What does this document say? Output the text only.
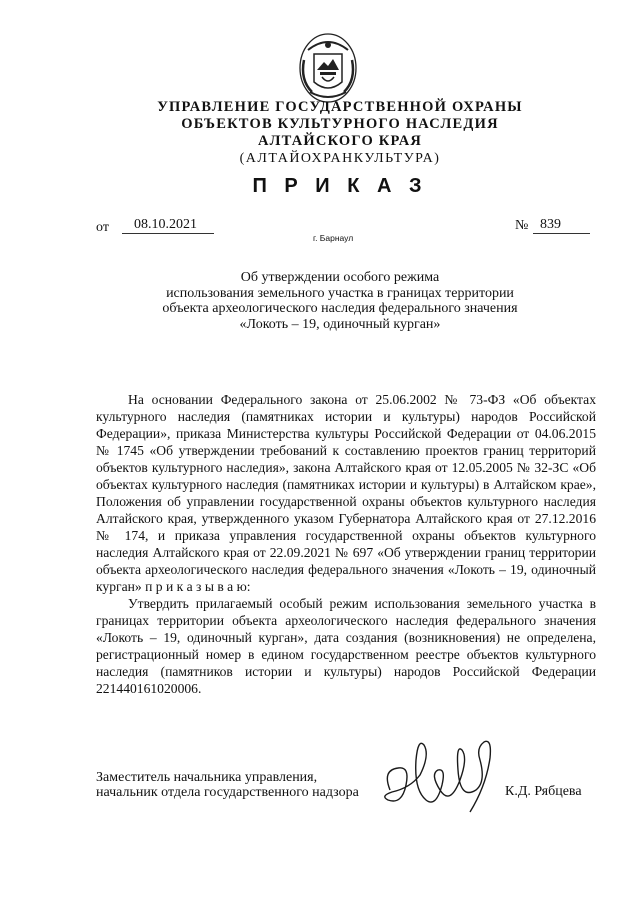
УПРАВЛЕНИЕ ГОСУДАРСТВЕННОЙ ОХРАНЫ
ОБЪЕКТОВ КУЛЬТУРНОГО НАСЛЕДИЯ
АЛТАЙСКОГО КРАЯ
(АЛТАЙОХРАНКУЛЬТУРА)
П Р И К А З
от	08.10.2021
г. Барнаул
№ 839
Об утверждении особого режима
использования земельного участка в границах территории
объекта археологического наследия федерального значения
«Локоть – 19, одиночный курган»

На основании Федерального закона от 25.06.2002 № 73-ФЗ «Об объектах культурного наследия (памятниках истории и культуры) народов Российской Федерации», приказа Министерства культуры Российской Федерации от 04.06.2015 № 1745 «Об утверждении требований к составлению проектов границ территорий объектов культурного наследия», закона Алтайского края от 12.05.2005 № 32-ЗС «Об объектах культурного наследия (памятниках истории и культуры) в Алтайском крае», Положения об управлении государственной охраны объектов культурного наследия Алтайского края, утвержденного указом Губернатора Алтайского края от 27.12.2016 № 174, и приказа управления государственной охраны объектов культурного наследия Алтайского края от 22.09.2021 № 697 «Об утверждении границ территории объекта археологического наследия федерального значения «Локоть – 19, одиночный курган» п р и к а з ы в а ю:

Утвердить прилагаемый особый режим использования земельного участка в границах территории объекта археологического наследия федерального значения «Локоть – 19, одиночный курган», дата создания (возникновения) не определена, регистрационный номер в едином государственном реестре объектов культурного наследия (памятников истории и культуры) народов Российской Федерации 221440161020006.

Заместитель начальника управления,
начальник отдела государственного надзора	К.Д. Рябцева
